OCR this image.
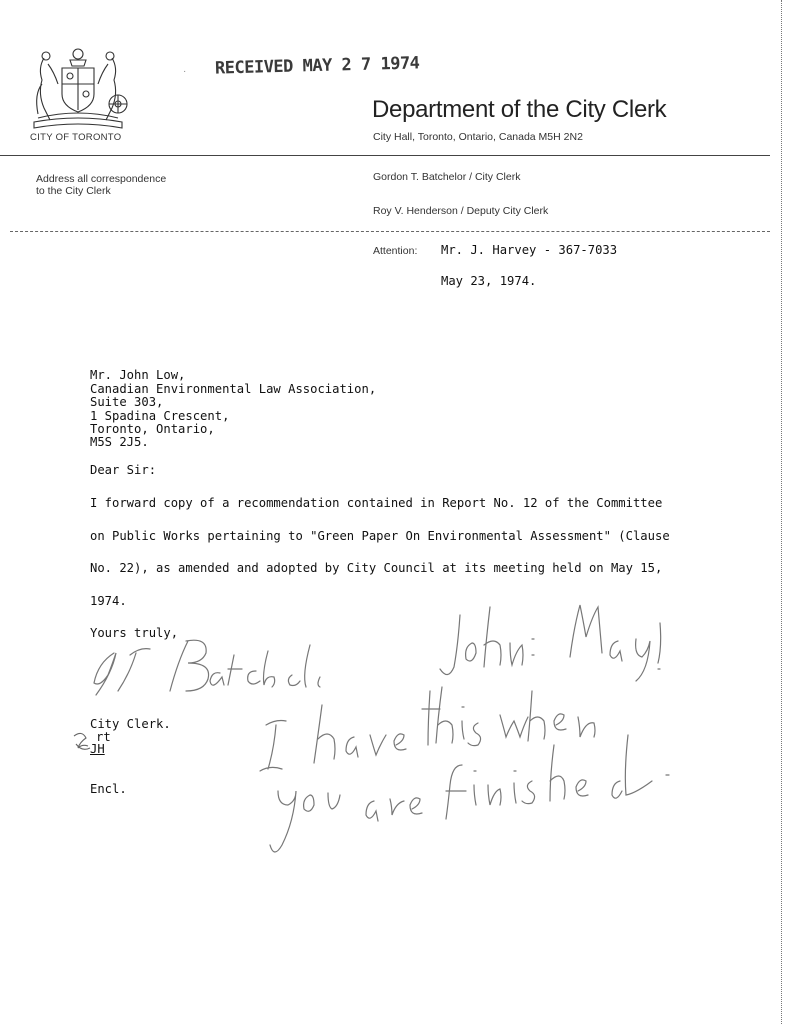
CITY OF TORONTO
· RECEIVED MAY 2 7 1974
Department of the City Clerk
City Hall, Toronto, Ontario, Canada M5H 2N2
Address all correspondence
to the City Clerk
Gordon T. Batchelor / City Clerk
Roy V. Henderson / Deputy City Clerk
Attention: Mr. J. Harvey - 367-7033
May 23, 1974.

Mr. John Low,
Canadian Environmental Law Association,
Suite 303,
1 Spadina Crescent,
Toronto, Ontario,
M5S 2J5.

Dear Sir:
I forward copy of a recommendation contained in Report No. 12 of the Committee
on Public Works pertaining to "Green Paper On Environmental Assessment" (Clause
No. 22), as amended and adopted by City Council at its meeting held on May 15,
1974.
Yours truly,
City Clerk.
rt
JH
Encl.
